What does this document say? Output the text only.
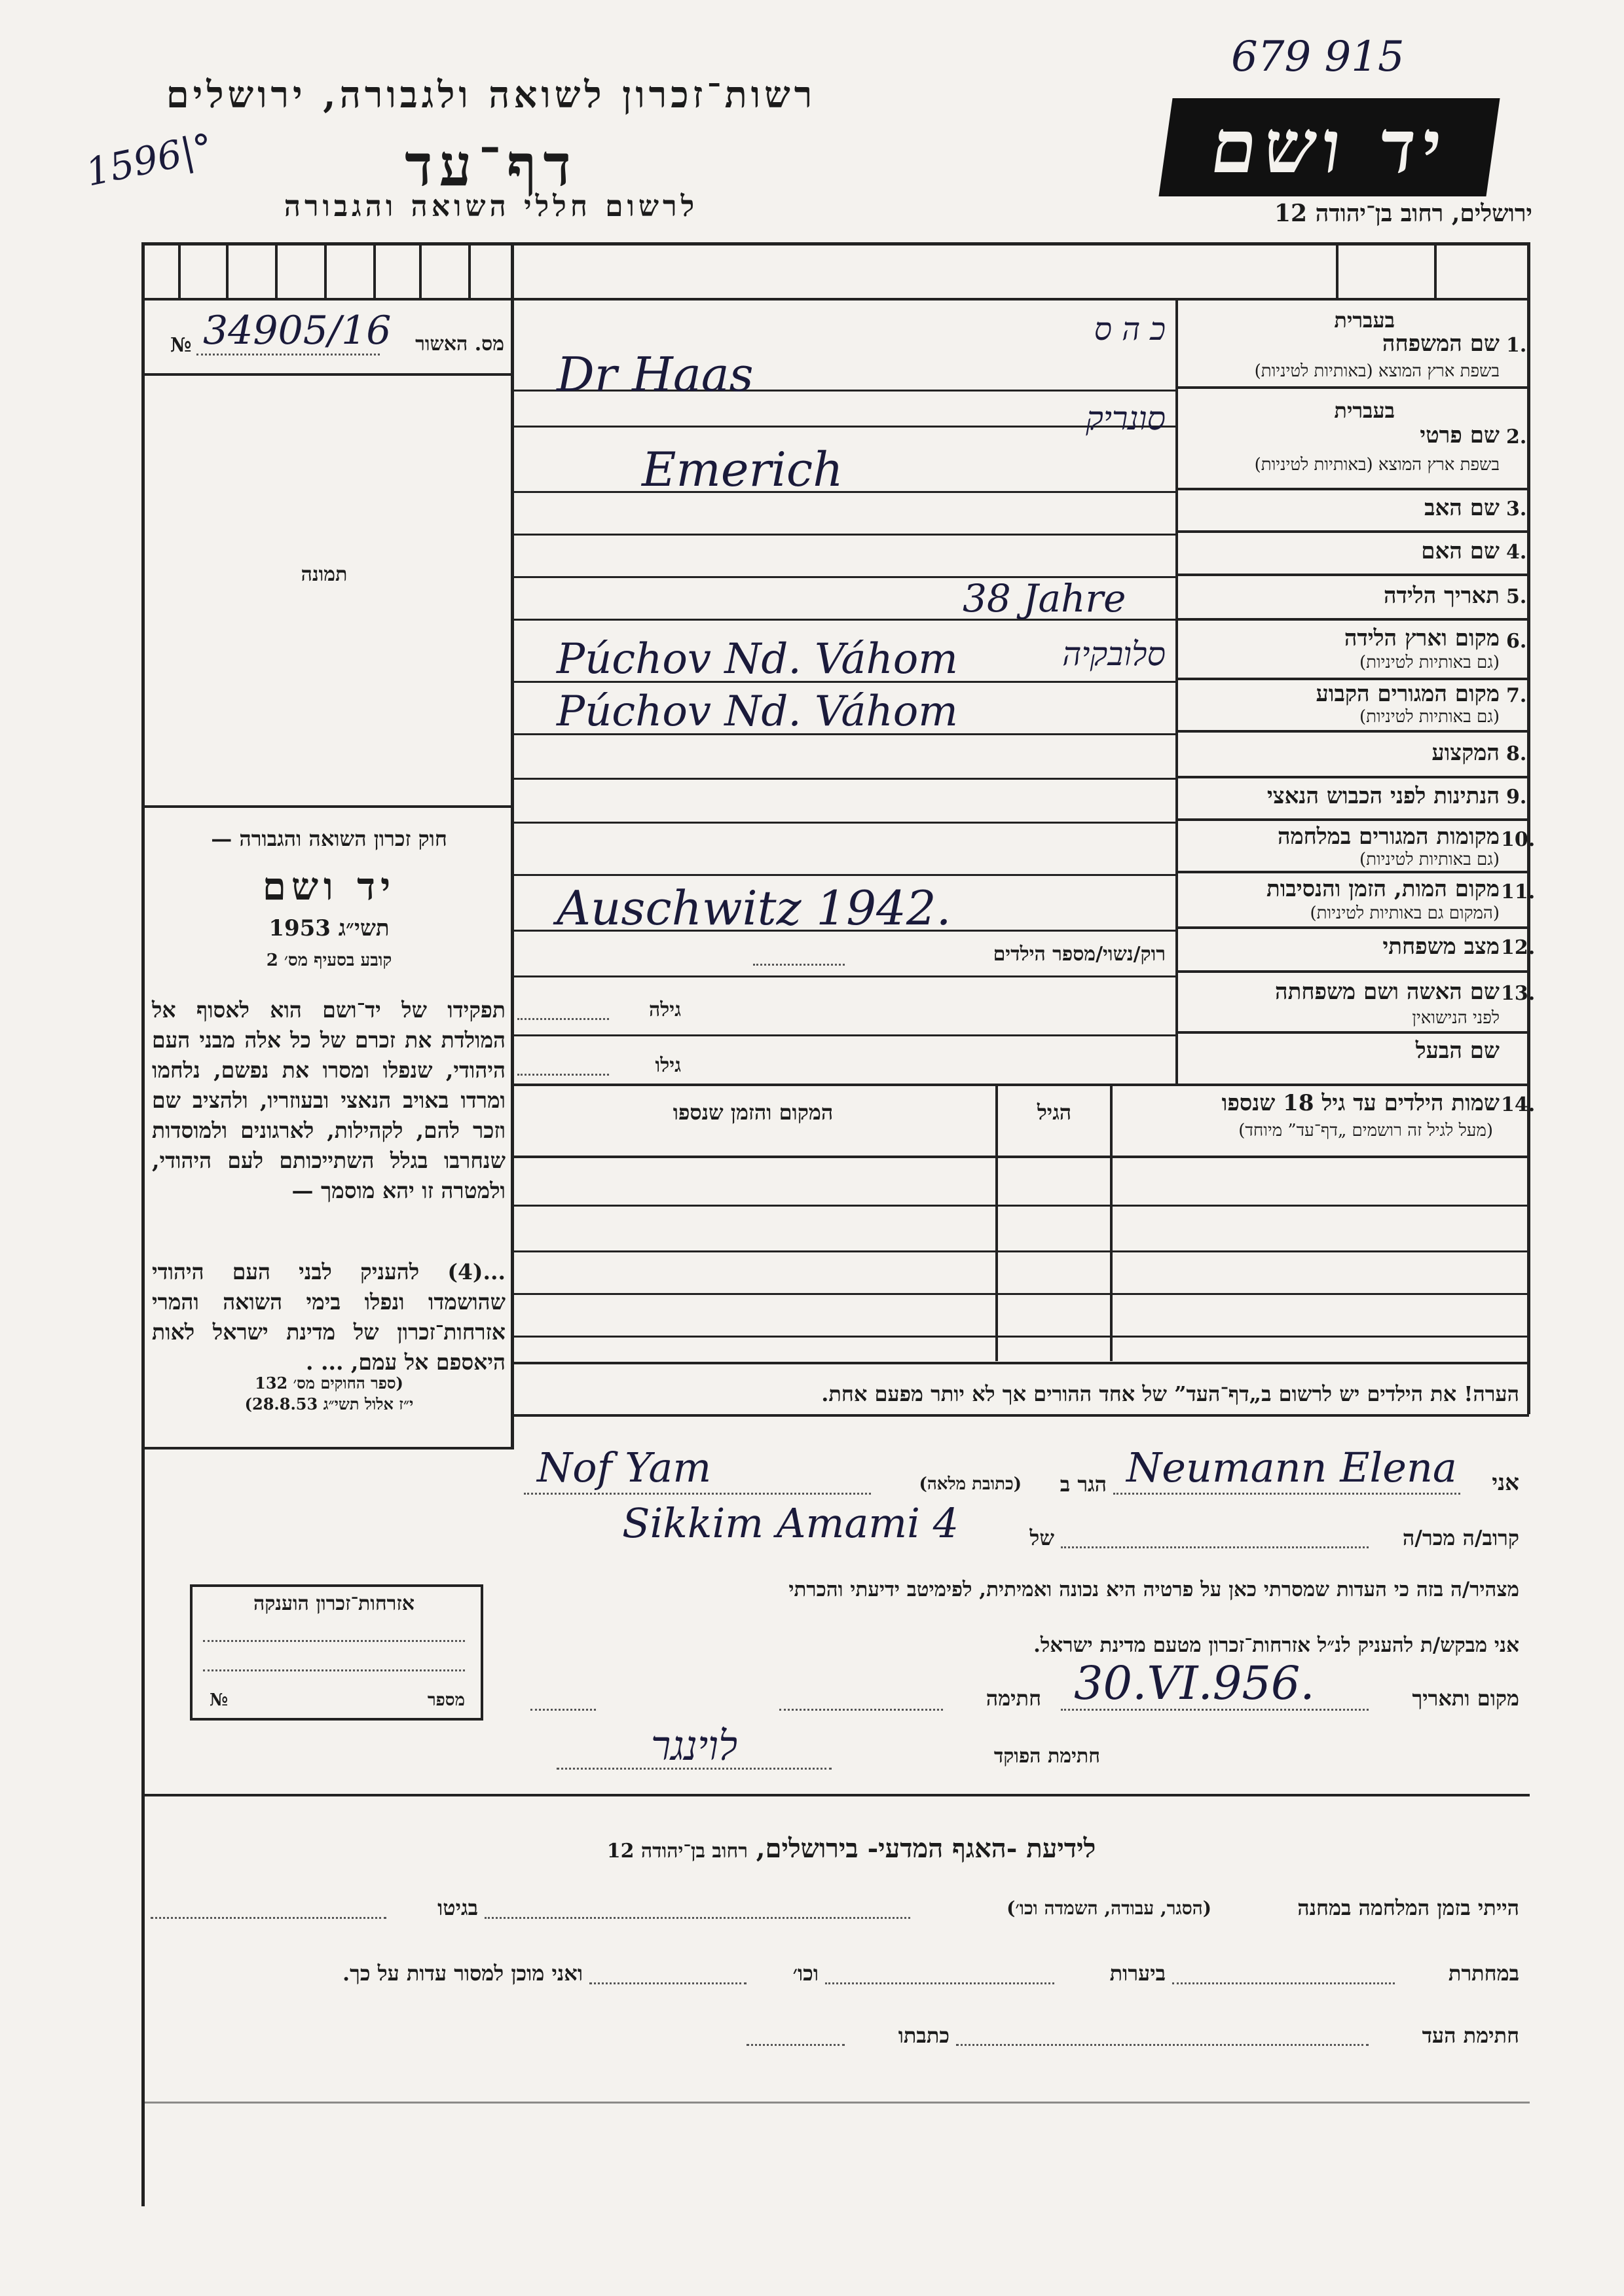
679 915
1596|°
רשות־זכרון לשואה ולגבורה, ירושלים
דף־עד
לרשום חללי השואה והגבורה
יד ושם
ירושלים, רחוב בן־יהודה 12
№ 34905/16	מס. האשור
תמונה
חוק זכרון השואה והגבורה —
יד ושם
תשי״ג 1953
קובע בסעיף מס׳ 2
תפקידו של יד־ושם הוא לאסוף אל המולדת את זכרם של כל אלה מבני העם היהודי, שנפלו ומסרו את נפשם, נלחמו ומרדו באויב הנאצי ובעוזריו, ולהציב שם וזכר להם, לקהילות, לארגונים ולמוסדות שנחרבו בגלל השתייכותם לעם היהודי, ולמטרה זו יהא מוסמך —
...(4) להעניק לבני העם היהודי שהושמדו ונפלו בימי השואה והמרי אזרחות־זכרון של מדינת ישראל לאות היאספם אל עמם, ... .
(ספר החוקים מס׳ 132
י״ז אלול תשי״ג 28.8.53)
1.
בעברית
שם המשפחה
בשפת ארץ המוצא (באותיות לטיניות)
2.
בעברית
שם פרטי
בשפת ארץ המוצא (באותיות לטיניות)
3.
שם האב
4.
שם האם
5.
תאריך הלידה
6.
מקום וארץ הלידה
(גם באותיות לטיניות)
7.
מקום המגורים הקבוע
(גם באותיות לטיניות)
8.
המקצוע
9.
הנתינות לפני הכבוש הנאצי
10.
מקומות המגורים במלחמה
(גם באותיות לטיניות)
11.
מקום המות, הזמן והנסיבות
(המקום גם באותיות לטיניות)
12.
מצב משפחתי
13.
שם האשה ושם משפחתה
לפני הנישואין
שם הבעל
כ ה ס
Dr Haas
סונריק
Emerich
38 Jahre
Púchov Nd. Váhom	סלובקיה
Púchov Nd. Váhom
Auschwitz 1942.
רוק/נשוי/מספר הילדים
גילה
גילו
14.
שמות הילדים עד גיל 18 שנספו
(מעל לגיל זה רושמים „דף־עד” מיוחד)
הגיל
המקום והזמן שנספו
הערה! את הילדים יש לרשום ב„דף־העד” של אחד ההורים אך לא יותר מפעם אחת.
אני
Neumann Elena
הגר ב
(כתובת מלאה)
Nof Yam
קרוב/ה מכר/ה
של
Sikkim Amami 4
מצהיר/ה בזה כי העדות שמסרתי כאן על פרטיה היא נכונה ואמיתית, לפימיטב ידיעתי והכרתי
אני מבקש/ת להעניק לנ״ל אזרחות־זכרון מטעם מדינת ישראל.
מקום ותאריך
30.VI.956.
חתימה
חתימת הפוקד
לוינגר
אזרחות־זכרון הוענקה
מספר
№
לידיעת -האגף המדעי- בירושלים, רחוב בן־יהודה 12
הייתי בזמן המלחמה במחנה
(הסגר, עבודה, השמדה וכו׳)
בגיטו
במחתרת
ביערות
וכו׳
ואני מוכן למסור עדות על כך.
חתימת העד
כתבתו
